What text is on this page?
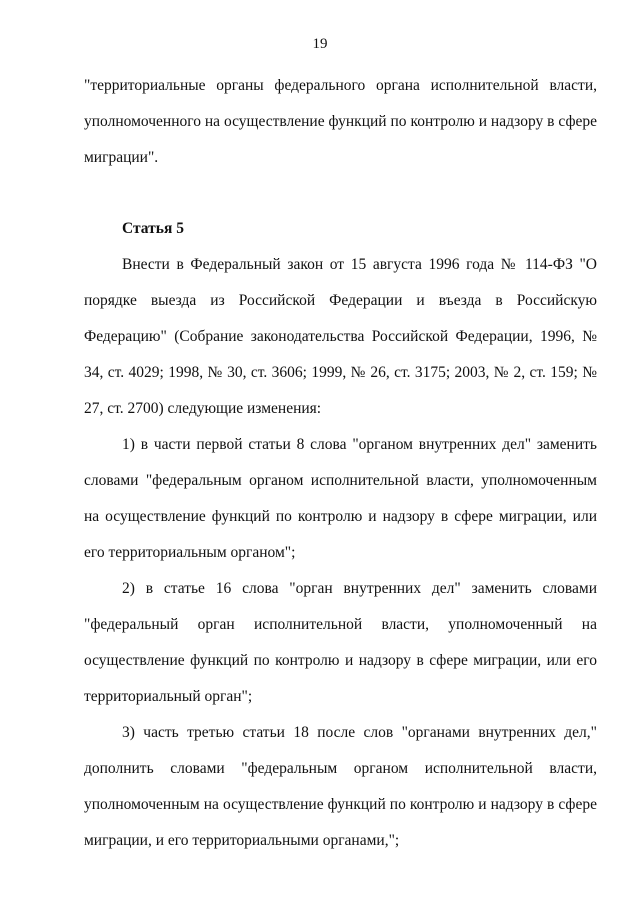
19

"территориальные органы федерального органа исполнительной власти, уполномоченного на осуществление функций по контролю и надзору в сфере миграции".

Статья 5

Внести в Федеральный закон от 15 августа 1996 года № 114-ФЗ "О порядке выезда из Российской Федерации и въезда в Российскую Федерацию" (Собрание законодательства Российской Федерации, 1996, № 34, ст. 4029; 1998, № 30, ст. 3606; 1999, № 26, ст. 3175; 2003, № 2, ст. 159; № 27, ст. 2700) следующие изменения:

1) в части первой статьи 8 слова "органом внутренних дел" заменить словами "федеральным органом исполнительной власти, уполномоченным на осуществление функций по контролю и надзору в сфере миграции, или его территориальным органом";

2) в статье 16 слова "орган внутренних дел" заменить словами "федеральный орган исполнительной власти, уполномоченный на осуществление функций по контролю и надзору в сфере миграции, или его территориальный орган";

3) часть третью статьи 18 после слов "органами внутренних дел," дополнить словами "федеральным органом исполнительной власти, уполномоченным на осуществление функций по контролю и надзору в сфере миграции, и его территориальными органами,";
